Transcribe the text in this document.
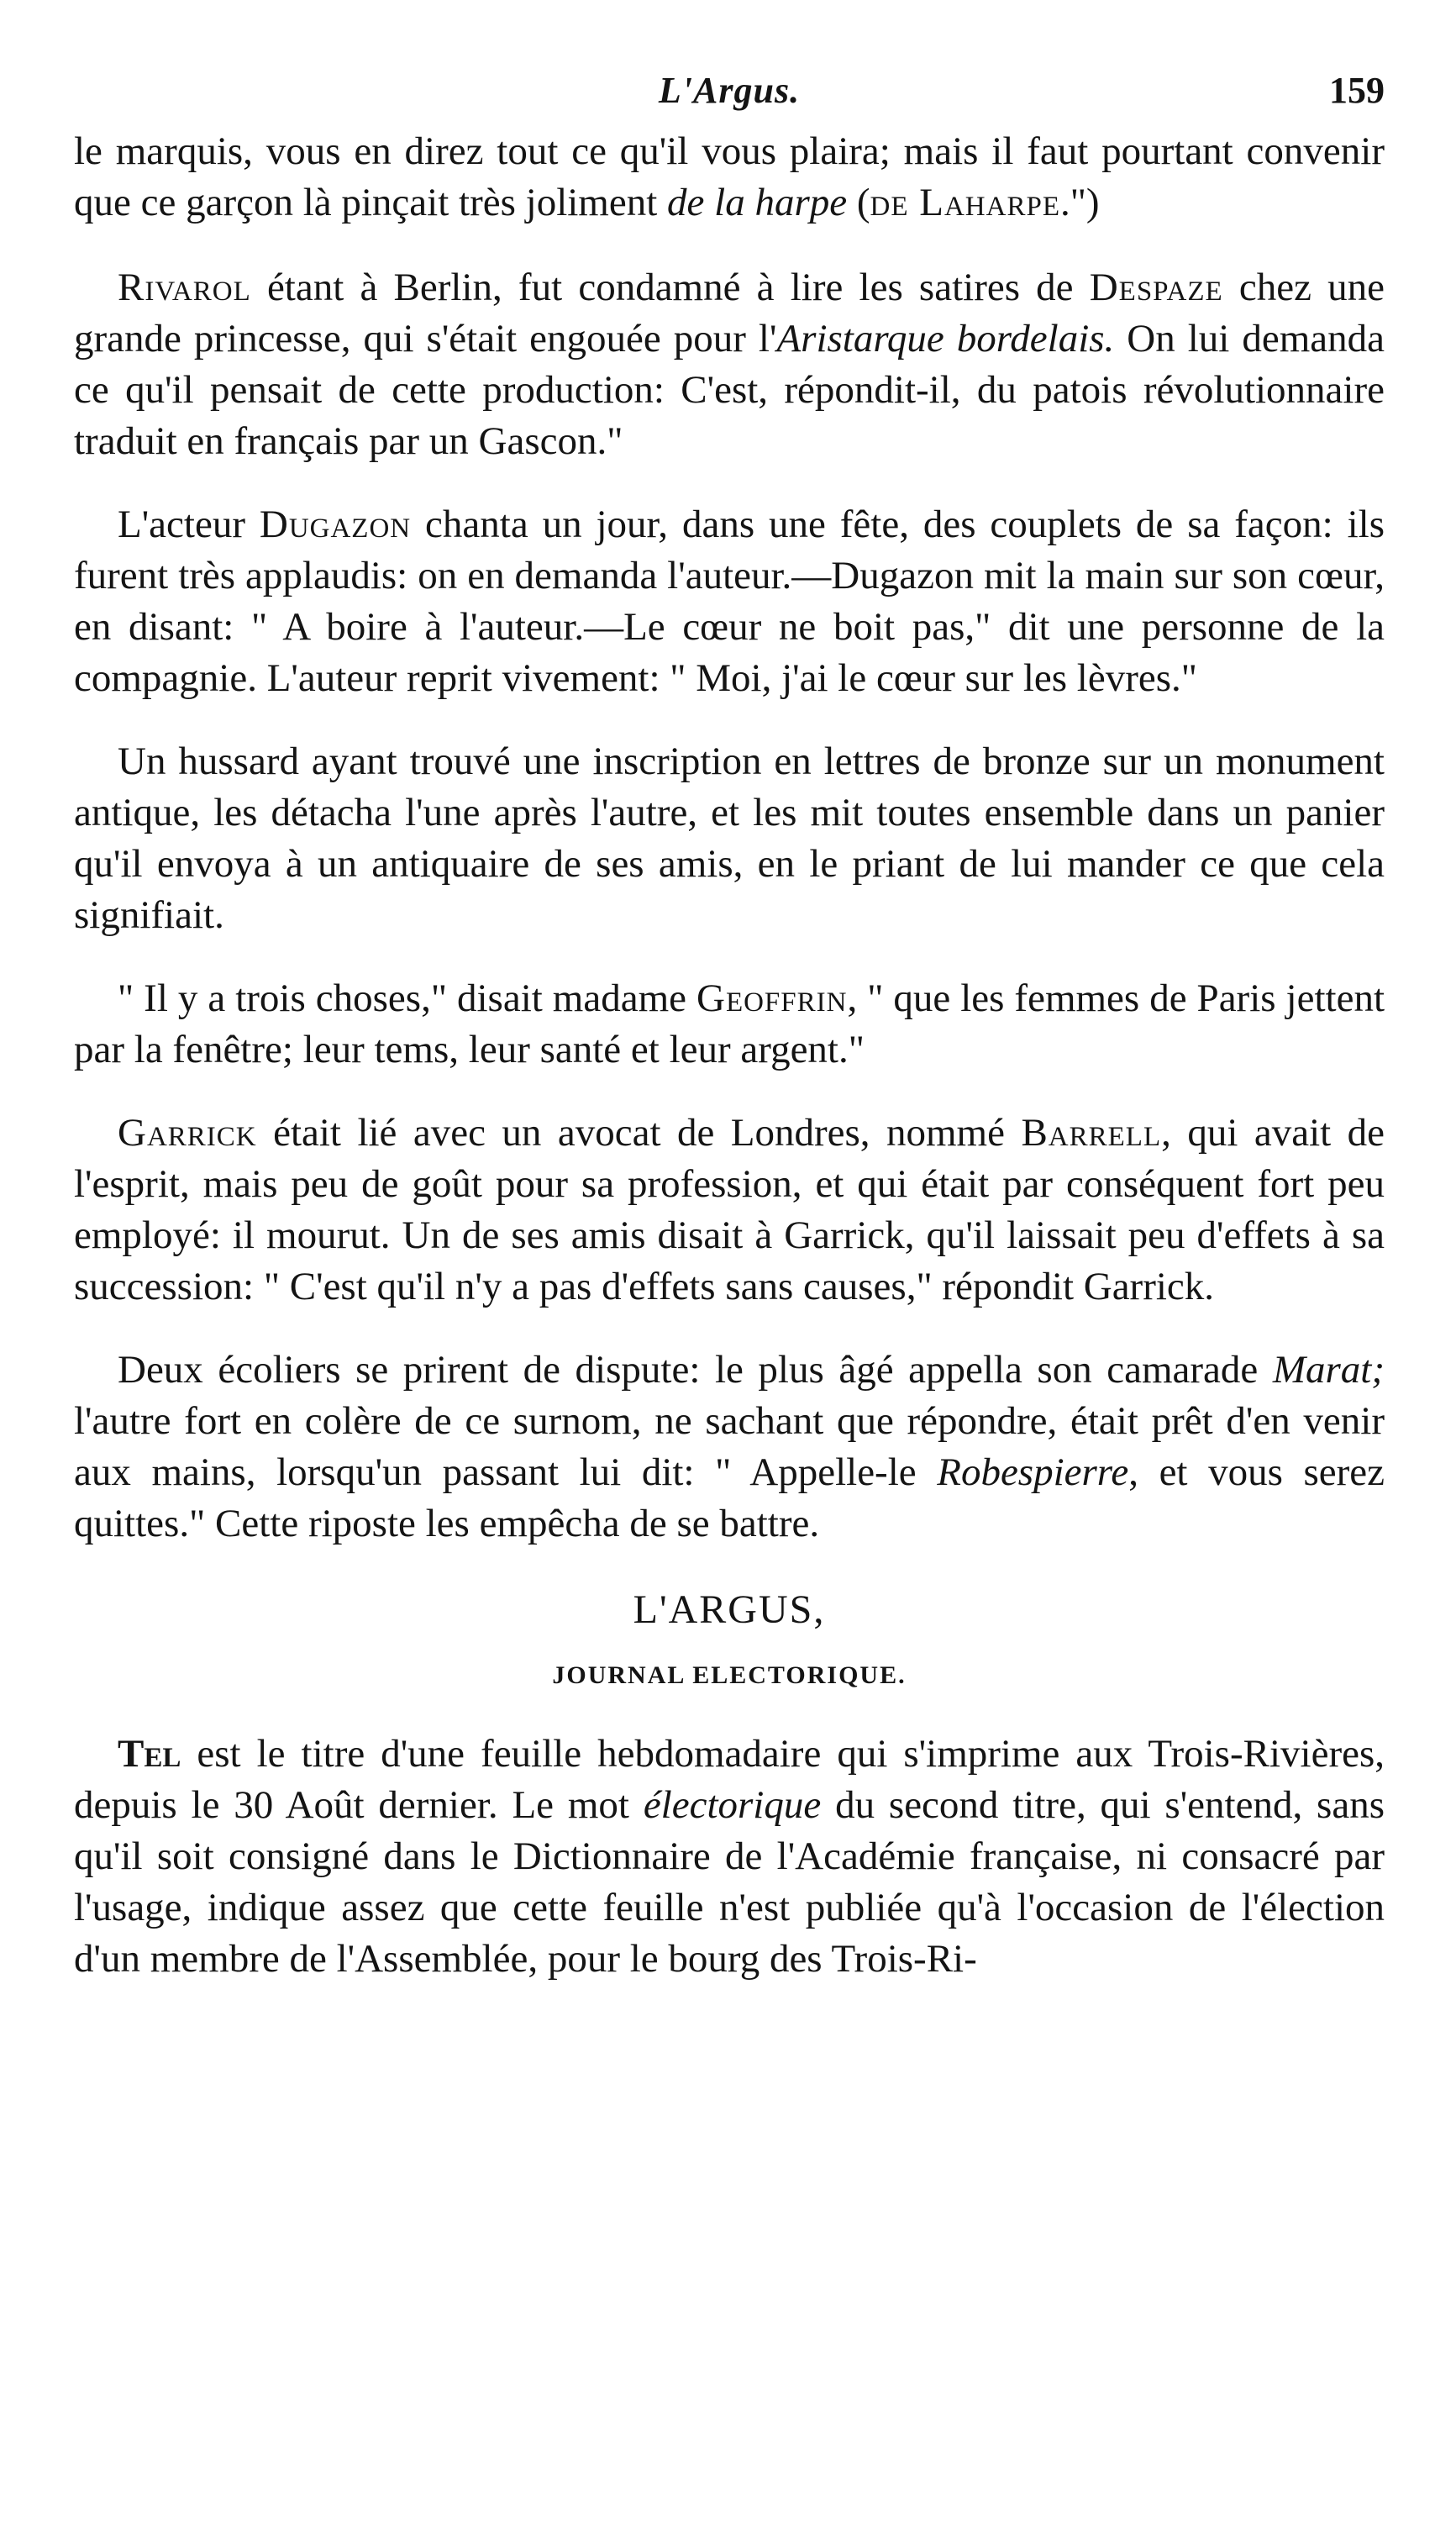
L'Argus.	159

le marquis, vous en direz tout ce qu'il vous plaira; mais il faut pourtant convenir que ce garçon là pinçait très joliment de la harpe (de Laharpe.")

Rivarol étant à Berlin, fut condamné à lire les satires de Despaze chez une grande princesse, qui s'était engouée pour l'Aristarque bordelais. On lui demanda ce qu'il pensait de cette production: C'est, répondit-il, du patois révolutionnaire traduit en français par un Gascon."

L'acteur Dugazon chanta un jour, dans une fête, des couplets de sa façon: ils furent très applaudis: on en demanda l'auteur.—Dugazon mit la main sur son cœur, en disant: " A boire à l'auteur.—Le cœur ne boit pas," dit une personne de la compagnie. L'auteur reprit vivement: " Moi, j'ai le cœur sur les lèvres."

Un hussard ayant trouvé une inscription en lettres de bronze sur un monument antique, les détacha l'une après l'autre, et les mit toutes ensemble dans un panier qu'il envoya à un antiquaire de ses amis, en le priant de lui mander ce que cela signifiait.

" Il y a trois choses," disait madame Geoffrin, " que les femmes de Paris jettent par la fenêtre; leur tems, leur santé et leur argent."

Garrick était lié avec un avocat de Londres, nommé Barrell, qui avait de l'esprit, mais peu de goût pour sa profession, et qui était par conséquent fort peu employé: il mourut. Un de ses amis disait à Garrick, qu'il laissait peu d'effets à sa succession: " C'est qu'il n'y a pas d'effets sans causes," répondit Garrick.

Deux écoliers se prirent de dispute: le plus âgé appella son camarade Marat; l'autre fort en colère de ce surnom, ne sachant que répondre, était prêt d'en venir aux mains, lorsqu'un passant lui dit: " Appelle-le Robespierre, et vous serez quittes." Cette riposte les empêcha de se battre.

L'ARGUS,
JOURNAL ELECTORIQUE.

Tel est le titre d'une feuille hebdomadaire qui s'imprime aux Trois-Rivières, depuis le 30 Août dernier. Le mot électorique du second titre, qui s'entend, sans qu'il soit consigné dans le Dictionnaire de l'Académie française, ni consacré par l'usage, indique assez que cette feuille n'est publiée qu'à l'occasion de l'élection d'un membre de l'Assemblée, pour le bourg des Trois-Ri-
